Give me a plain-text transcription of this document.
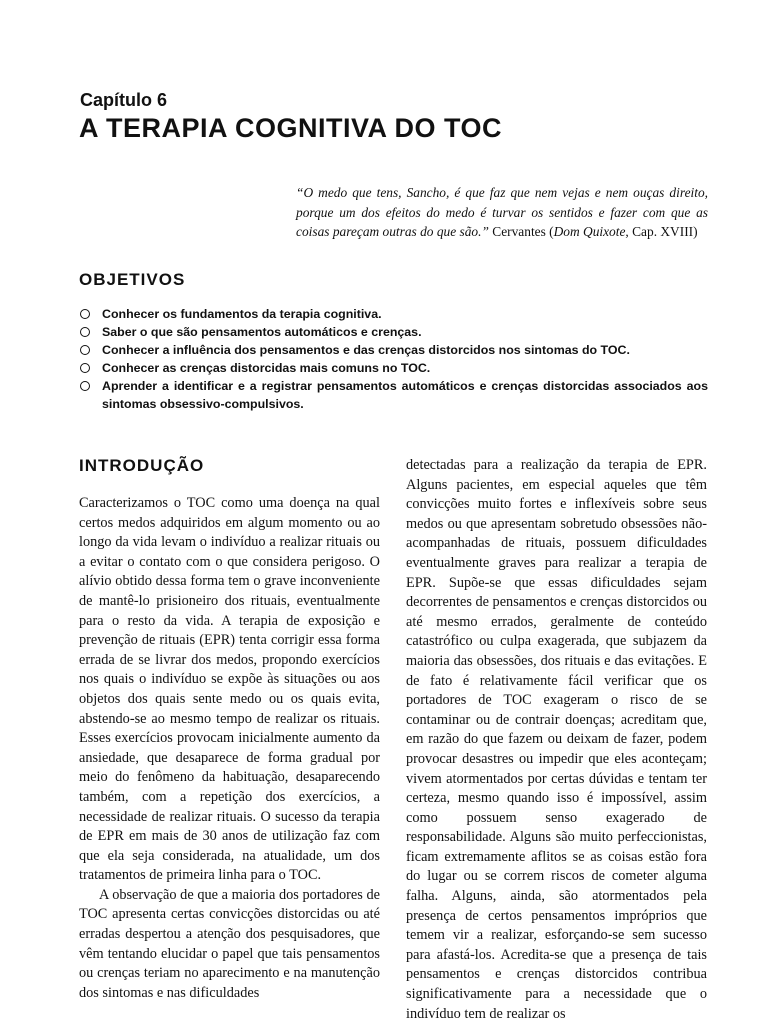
Capítulo 6
A TERAPIA COGNITIVA DO TOC
“O medo que tens, Sancho, é que faz que nem vejas e nem ouças direito, porque um dos efeitos do medo é turvar os sentidos e fazer com que as coisas pareçam outras do que são.” Cervantes (Dom Quixote, Cap. XVIII)
OBJETIVOS
Conhecer os fundamentos da terapia cognitiva.
Saber o que são pensamentos automáticos e crenças.
Conhecer a influência dos pensamentos e das crenças distorcidos nos sintomas do TOC.
Conhecer as crenças distorcidas mais comuns no TOC.
Aprender a identificar e a registrar pensamentos automáticos e crenças distorcidas associados aos sintomas obsessivo-compulsivos.
INTRODUÇÃO

Caracterizamos o TOC como uma doença na qual certos medos adquiridos em algum momento ou ao longo da vida levam o indivíduo a realizar rituais ou a evitar o contato com o que considera perigoso. O alívio obtido dessa forma tem o grave inconveniente de mantê-lo prisioneiro dos rituais, eventualmente para o resto da vida. A terapia de exposição e prevenção de rituais (EPR) tenta corrigir essa forma errada de se livrar dos medos, propondo exercícios nos quais o indivíduo se expõe às situações ou aos objetos dos quais sente medo ou os quais evita, abstendo-se ao mesmo tempo de realizar os rituais. Esses exercícios provocam inicialmente aumento da ansiedade, que desaparece de forma gradual por meio do fenômeno da habituação, desaparecendo também, com a repetição dos exercícios, a necessidade de realizar rituais. O sucesso da terapia de EPR em mais de 30 anos de utilização faz com que ela seja considerada, na atualidade, um dos tratamentos de primeira linha para o TOC.

A observação de que a maioria dos portadores de TOC apresenta certas convicções distorcidas ou até erradas despertou a atenção dos pesquisadores, que vêm tentando elucidar o papel que tais pensamentos ou crenças teriam no aparecimento e na manutenção dos sintomas e nas dificuldades

detectadas para a realização da terapia de EPR. Alguns pacientes, em especial aqueles que têm convicções muito fortes e inflexíveis sobre seus medos ou que apresentam sobretudo obsessões não-acompanhadas de rituais, possuem dificuldades eventualmente graves para realizar a terapia de EPR. Supõe-se que essas dificuldades sejam decorrentes de pensamentos e crenças distorcidos ou até mesmo errados, geralmente de conteúdo catastrófico ou culpa exagerada, que subjazem da maioria das obsessões, dos rituais e das evitações. E de fato é relativamente fácil verificar que os portadores de TOC exageram o risco de se contaminar ou de contrair doenças; acreditam que, em razão do que fazem ou deixam de fazer, podem provocar desastres ou impedir que eles aconteçam; vivem atormentados por certas dúvidas e tentam ter certeza, mesmo quando isso é impossível, assim como possuem senso exagerado de responsabilidade. Alguns são muito perfeccionistas, ficam extremamente aflitos se as coisas estão fora do lugar ou se correm riscos de cometer alguma falha. Alguns, ainda, são atormentados pela presença de certos pensamentos impróprios que temem vir a realizar, esforçando-se sem sucesso para afastá-los. Acredita-se que a presença de tais pensamentos e crenças distorcidos contribua significativamente para a necessidade que o indivíduo tem de realizar os
